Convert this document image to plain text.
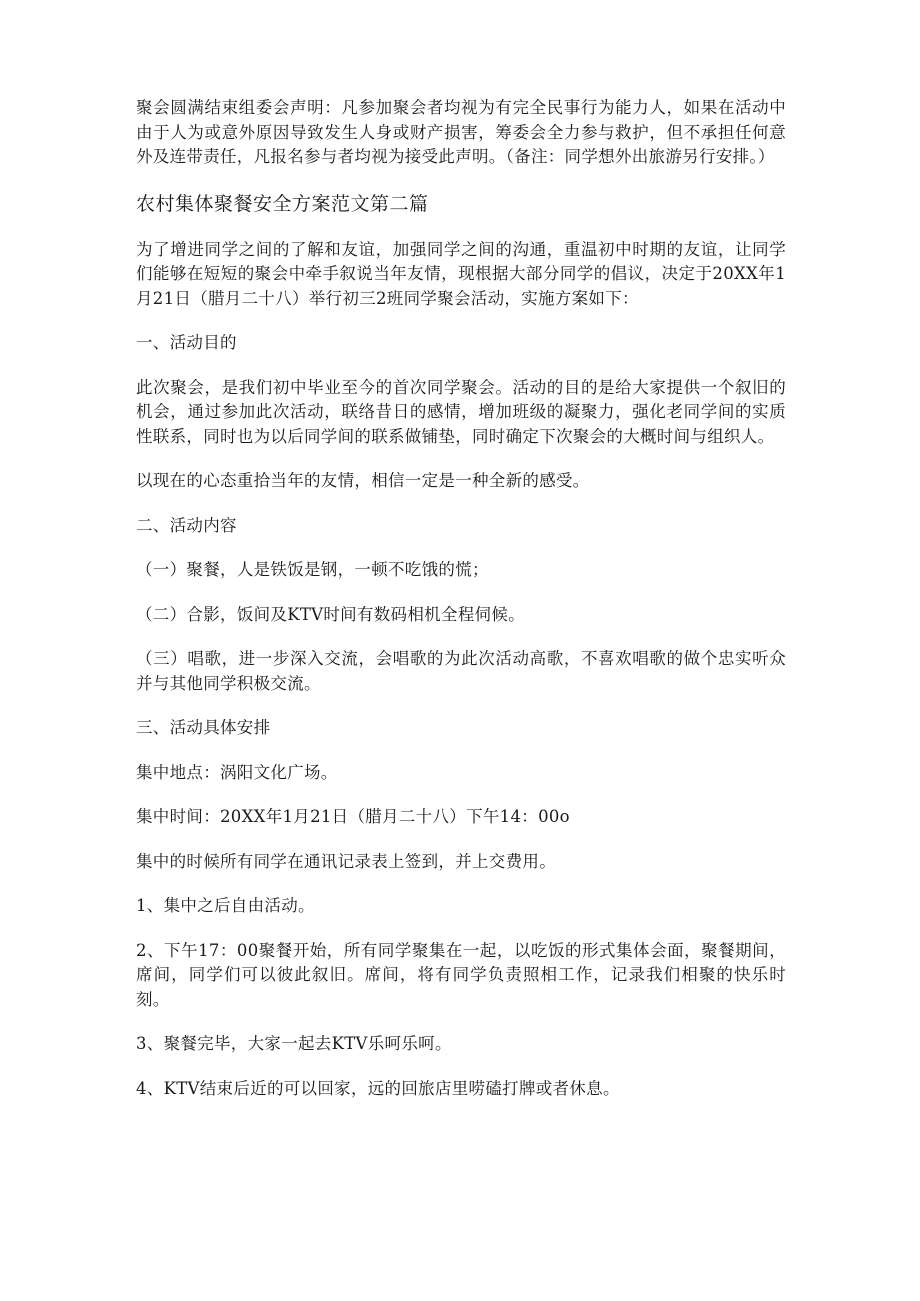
聚会圆满结束组委会声明：凡参加聚会者均视为有完全民事行为能力人，如果在活动中由于人为或意外原因导致发生人身或财产损害，筹委会全力参与救护，但不承担任何意外及连带责任，凡报名参与者均视为接受此声明。（备注：同学想外出旅游另行安排。）

农村集体聚餐安全方案范文第二篇

为了增进同学之间的了解和友谊，加强同学之间的沟通，重温初中时期的友谊，让同学们能够在短短的聚会中牵手叙说当年友情，现根据大部分同学的倡议，决定于20XX年1月21日（腊月二十八）举行初三2班同学聚会活动，实施方案如下：

一、活动目的

此次聚会，是我们初中毕业至今的首次同学聚会。活动的目的是给大家提供一个叙旧的机会，通过参加此次活动，联络昔日的感情，增加班级的凝聚力，强化老同学间的实质性联系，同时也为以后同学间的联系做铺垫，同时确定下次聚会的大概时间与组织人。

以现在的心态重拾当年的友情，相信一定是一种全新的感受。

二、活动内容

（一）聚餐，人是铁饭是钢，一顿不吃饿的慌；

（二）合影，饭间及KTV时间有数码相机全程伺候。

（三）唱歌，进一步深入交流，会唱歌的为此次活动高歌，不喜欢唱歌的做个忠实听众并与其他同学积极交流。

三、活动具体安排

集中地点：涡阳文化广场。

集中时间：20XX年1月21日（腊月二十八）下午14：00o

集中的时候所有同学在通讯记录表上签到，并上交费用。

1、集中之后自由活动。

2、下午17：00聚餐开始，所有同学聚集在一起，以吃饭的形式集体会面，聚餐期间，席间，同学们可以彼此叙旧。席间，将有同学负责照相工作，记录我们相聚的快乐时刻。

3、聚餐完毕，大家一起去KTV乐呵乐呵。

4、KTV结束后近的可以回家，远的回旅店里唠磕打牌或者休息。
